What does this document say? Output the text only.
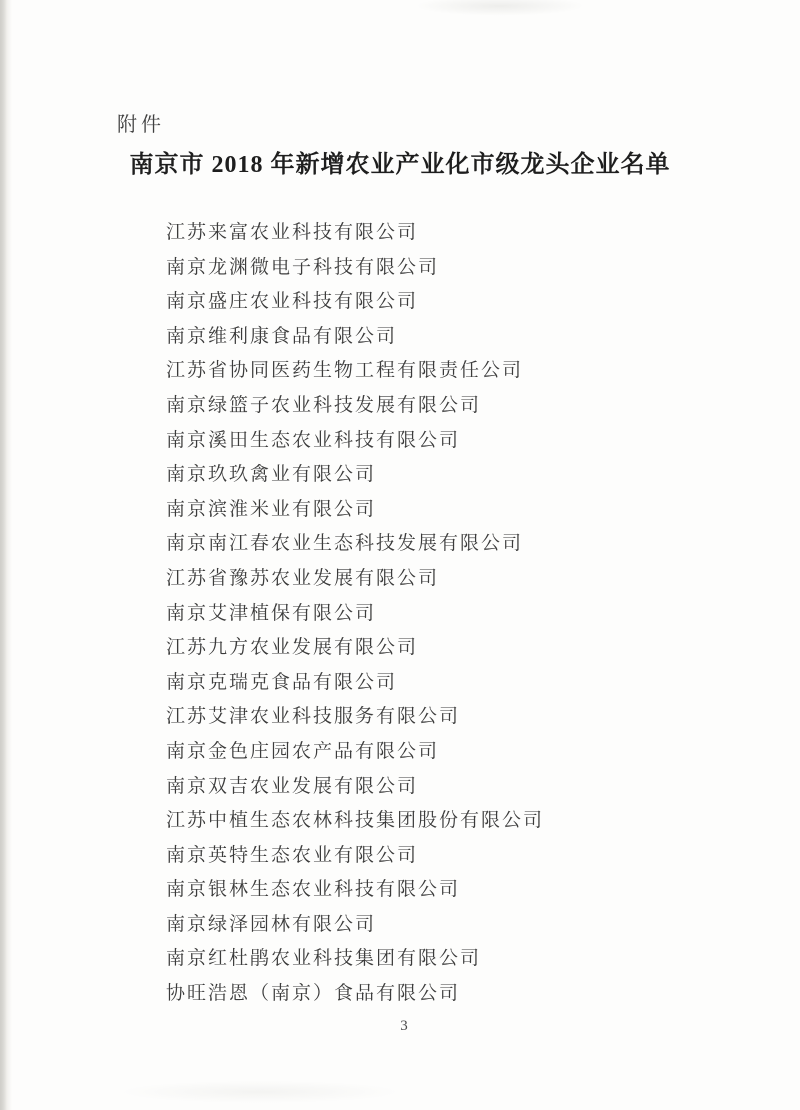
附件
南京市 2018 年新增农业产业化市级龙头企业名单
江苏来富农业科技有限公司
南京龙渊微电子科技有限公司
南京盛庄农业科技有限公司
南京维利康食品有限公司
江苏省协同医药生物工程有限责任公司
南京绿篮子农业科技发展有限公司
南京溪田生态农业科技有限公司
南京玖玖禽业有限公司
南京滨淮米业有限公司
南京南江春农业生态科技发展有限公司
江苏省豫苏农业发展有限公司
南京艾津植保有限公司
江苏九方农业发展有限公司
南京克瑞克食品有限公司
江苏艾津农业科技服务有限公司
南京金色庄园农产品有限公司
南京双吉农业发展有限公司
江苏中植生态农林科技集团股份有限公司
南京英特生态农业有限公司
南京银林生态农业科技有限公司
南京绿泽园林有限公司
南京红杜鹃农业科技集团有限公司
协旺浩恩（南京）食品有限公司
3
